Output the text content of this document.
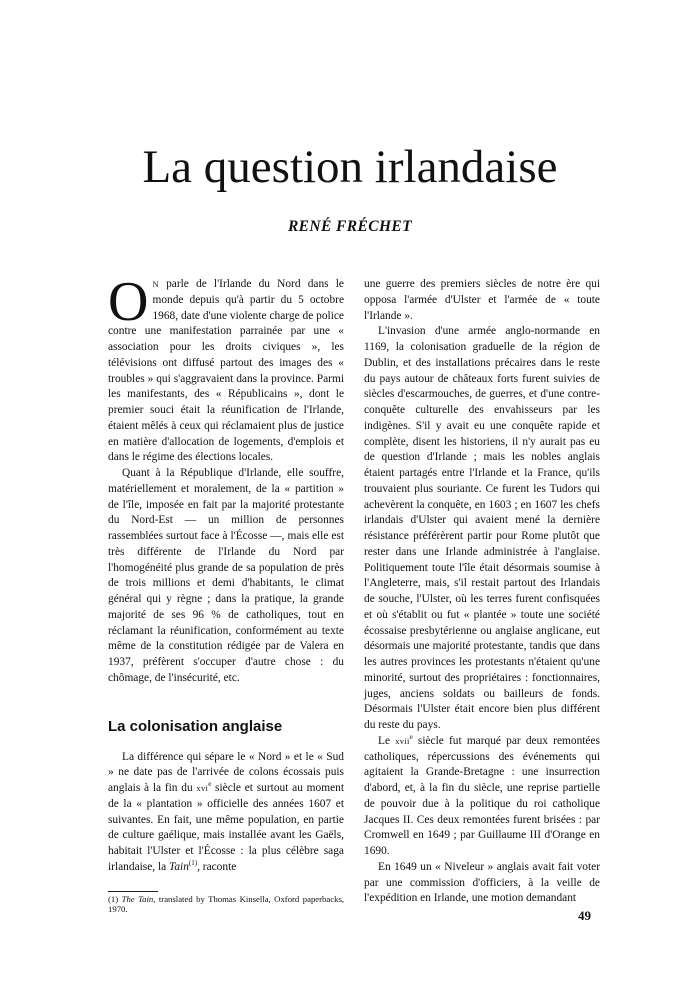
La question irlandaise
RENÉ FRÉCHET

O N parle de l'Irlande du Nord dans le monde depuis qu'à partir du 5 octobre 1968, date d'une violente charge de police contre une manifestation parrainée par une « association pour les droits civiques », les télévisions ont diffusé partout des images des « troubles » qui s'aggravaient dans la province. Parmi les manifestants, des « Républicains », dont le premier souci était la réunification de l'Irlande, étaient mêlés à ceux qui réclamaient plus de justice en matière d'allocation de logements, d'emplois et dans le régime des élections locales.

Quant à la République d'Irlande, elle souffre, matériellement et moralement, de la « partition » de l'île, imposée en fait par la majorité protestante du Nord-Est — un million de personnes rassemblées surtout face à l'Écosse —, mais elle est très différente de l'Irlande du Nord par l'homogénéité plus grande de sa population de près de trois millions et demi d'habitants, le climat général qui y règne ; dans la pratique, la grande majorité de ses 96 % de catholiques, tout en réclamant la réunification, conformément au texte même de la constitution rédigée par de Valera en 1937, préfèrent s'occuper d'autre chose : du chômage, de l'insécurité, etc.

La colonisation anglaise

La différence qui sépare le « Nord » et le « Sud » ne date pas de l'arrivée de colons écossais puis anglais à la fin du xvi$^e$ siècle et surtout au moment de la « plantation » officielle des années 1607 et suivantes. En fait, une même population, en partie de culture gaélique, mais installée avant les Gaëls, habitait l'Ulster et l'Écosse : la plus célèbre saga irlandaise, la Tain$^{(1)}$, raconte

(1) The Tain, translated by Thomas Kinsella, Oxford paperbacks, 1970.

une guerre des premiers siècles de notre ère qui opposa l'armée d'Ulster et l'armée de « toute l'Irlande ».

L'invasion d'une armée anglo-normande en 1169, la colonisation graduelle de la région de Dublin, et des installations précaires dans le reste du pays autour de châteaux forts furent suivies de siècles d'escarmouches, de guerres, et d'une contre-conquête culturelle des envahisseurs par les indigènes. S'il y avait eu une conquête rapide et complète, disent les historiens, il n'y aurait pas eu de question d'Irlande ; mais les nobles anglais étaient partagés entre l'Irlande et la France, qu'ils trouvaient plus souriante. Ce furent les Tudors qui achevèrent la conquête, en 1603 ; en 1607 les chefs irlandais d'Ulster qui avaient mené la dernière résistance préférèrent partir pour Rome plutôt que rester dans une Irlande administrée à l'anglaise. Politiquement toute l'île était désormais soumise à l'Angleterre, mais, s'il restait partout des Irlandais de souche, l'Ulster, où les terres furent confisquées et où s'établit ou fut « plantée » toute une société écossaise presbytérienne ou anglaise anglicane, eut désormais une majorité protestante, tandis que dans les autres provinces les protestants n'étaient qu'une minorité, surtout des propriétaires : fonctionnaires, juges, anciens soldats ou bailleurs de fonds. Désormais l'Ulster était encore bien plus différent du reste du pays.

Le xvii$^e$ siècle fut marqué par deux remontées catholiques, répercussions des événements qui agitaient la Grande-Bretagne : une insurrection d'abord, et, à la fin du siècle, une reprise partielle de pouvoir due à la politique du roi catholique Jacques II. Ces deux remontées furent brisées : par Cromwell en 1649 ; par Guillaume III d'Orange en 1690.

En 1649 un « Niveleur » anglais avait fait voter par une commission d'officiers, à la veille de l'expédition en Irlande, une motion demandant

49
